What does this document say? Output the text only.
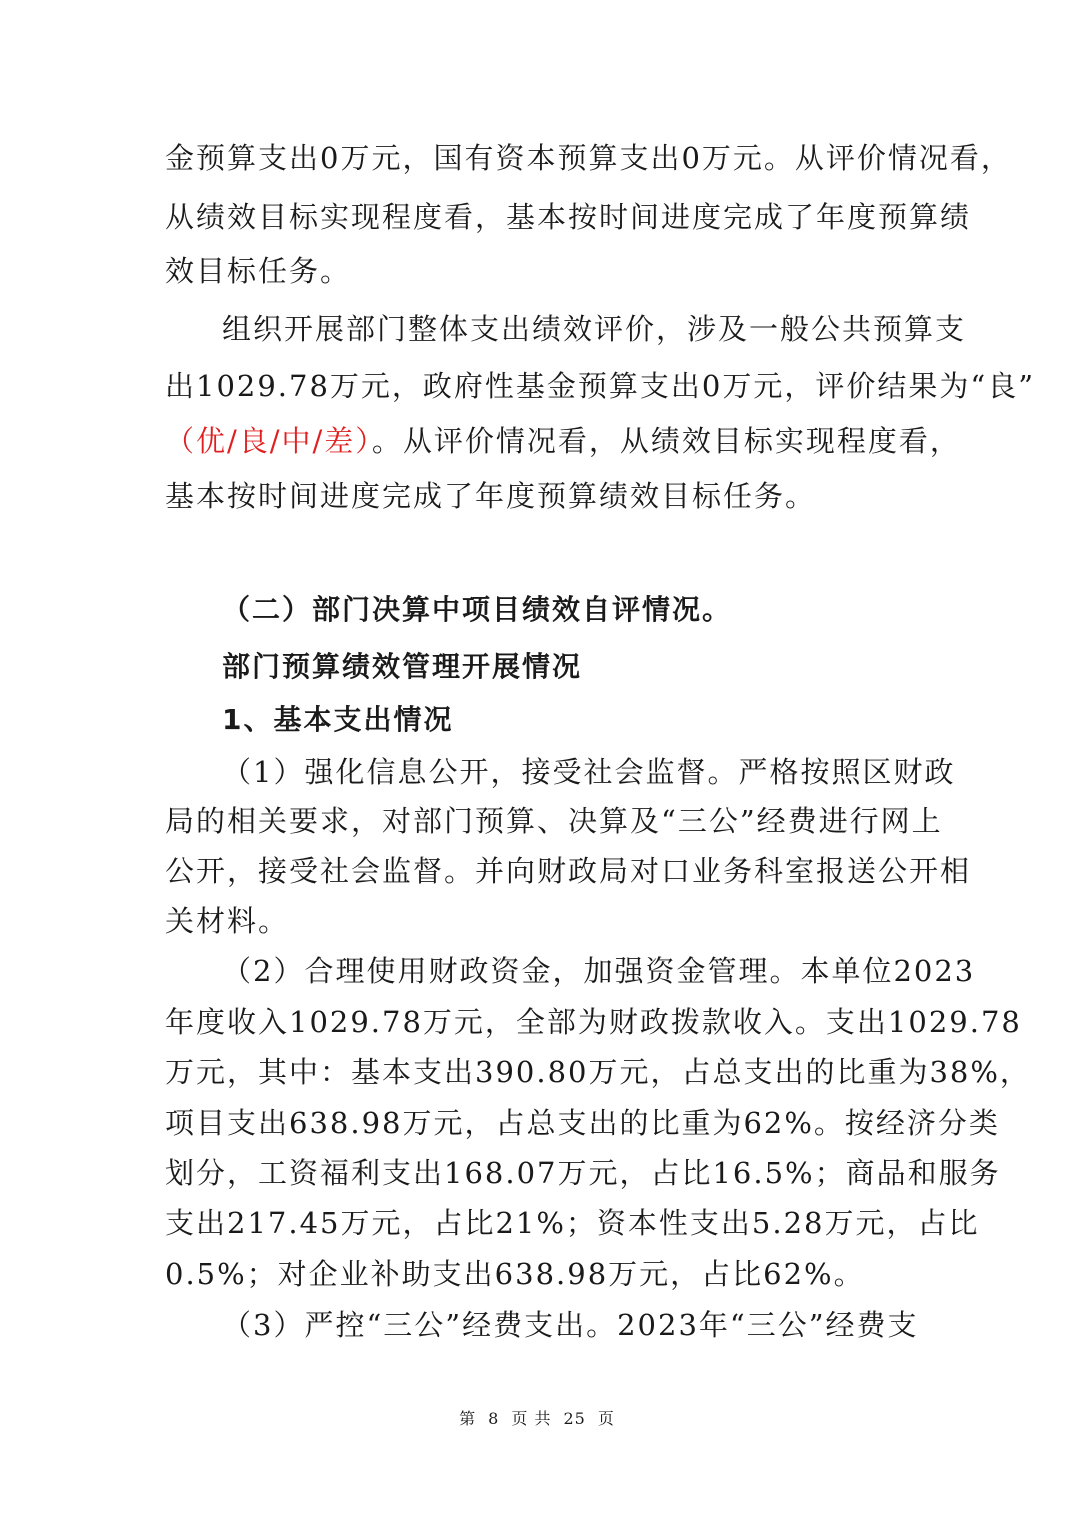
金预算支出0万元，国有资本预算支出0万元。从评价情况看，
从绩效目标实现程度看，基本按时间进度完成了年度预算绩
效目标任务。
组织开展部门整体支出绩效评价，涉及一般公共预算支
出1029.78万元，政府性基金预算支出0万元，评价结果为“良”
（优/良/中/差）。从评价情况看，从绩效目标实现程度看，
基本按时间进度完成了年度预算绩效目标任务。
（二）部门决算中项目绩效自评情况。
部门预算绩效管理开展情况
1、基本支出情况
（1）强化信息公开，接受社会监督。严格按照区财政
局的相关要求，对部门预算、决算及“三公”经费进行网上
公开，接受社会监督。并向财政局对口业务科室报送公开相
关材料。
（2）合理使用财政资金，加强资金管理。本单位2023
年度收入1029.78万元，全部为财政拨款收入。支出1029.78
万元，其中：基本支出390.80万元，占总支出的比重为38%，
项目支出638.98万元，占总支出的比重为62%。按经济分类
划分，工资福利支出168.07万元，占比16.5%；商品和服务
支出217.45万元，占比21%；资本性支出5.28万元，占比
0.5%；对企业补助支出638.98万元，占比62%。
（3）严控“三公”经费支出。2023年“三公”经费支
第 8 页 共 25 页
